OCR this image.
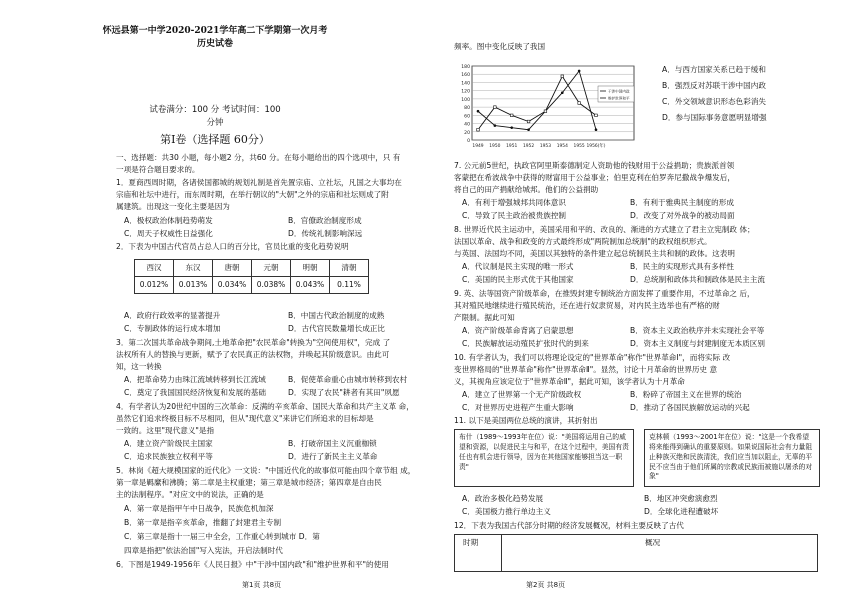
怀远县第一中学2020-2021学年高二下学期第一次月考
历史试卷
试卷满分：100 分 考试时间：100
分钟
第Ⅰ卷（选择题 60分）
一、选择题：共30 小题，每小题2 分，共60 分。在每小题给出的四个选项中，只 有
一项是符合题目要求的。
1．夏商西周时期，各诸侯国都城的规划礼制是首先置宗庙、立社坛，凡国之大事均在
宗庙和社坛中进行，而东周时期，在举行朝议的"大朝"之外的宗庙和社坛则成了附
属建筑。出现这一变化主要是因为
A．极权政治体制趋势萌发	B．官僚政治制度形成
C．周天子权威性日益强化	D．传统礼制影响深远
2．下表为中国古代官员占总人口的百分比，官员比重的变化趋势说明
西汉	东汉	唐朝	元朝	明朝	清朝
0.012%	0.013%	0.034%	0.038%	0.043%	0.11%
A．政府行政效率的显著提升	B．中国古代政治制度的成熟
C．专制政体的运行成本增加	D．古代官民数量增长成正比
3．第二次国共革命战争期间,土地革命把"农民革命"转换为"空间使用权"，完成 了
法权所有人的替换与更新，赋予了农民真正的法权物，并唤起其阶级意识。由此可
知，这一转换
A．把革命势力由珠江流域转移到长江流域	B．促使革命重心由城市转移到农村
C．奠定了我国国民经济恢复和发展的基础	D．实现了农民"耕者有其田"夙愿
4．有学者认为20世纪中国的三次革命：反满的辛亥革命、国民大革命和共产主义革 命，
虽然它们追求终极目标不尽相同，但从"现代意义"来讲它们所追求的目标却是
一致的。这里"现代意义"是指
A．建立资产阶级民主国家	B．打破帝国主义沉重枷锁
C．追求民族独立权利平等	D．进行了新民主主义革命
5．林岗《超大规模国家的近代化》一文说："中国近代化的故事似可能由四个章节组 成，
第一章是羁縻和沸腾；第二章是主权重建；第三章是城市经济；第四章是自由民
主的法制程序。"对应文中的说法，正确的是
A．第一章是指甲午中日战争，民族危机加深
B．第一章是指辛亥革命，推翻了封建君主专制
C．第三章是指十一届三中全会，工作重心转到城市 D．第
四章是指把"依法治国"写入宪法，开启法制时代
6．下图是1949-1956年《人民日报》中"干涉中国内政"和"维护世界和平"的使用
第1页 共8页
频率。图中变化反映了我国
0
20
40
60
80
100
120
140
160
180
1949 1950 1951 1952 1953 1954 1955 1956(年)
干涉中国内政
维护世界和平
A．与西方国家关系已趋于缓和
B．强烈反对苏联干涉中国内政
C．外交领域意识形态色彩消失
D．参与国际事务意愿明显增强
7. 公元前5世纪，执政官阿里斯泰德制定人资助他的钱财用于公益捐助；贵族派首领
客蒙把在希波战争中获得的财富用于公益事业；伯里克利在伯罗奔尼撒战争爆发后，
将自己的田产捐献给城邦。他们的公益捐助
A．有利于增强城邦共同体意识	B．有利于雅典民主制度的形成
C．导致了民主政治被贵族控制	D．改变了对外战争的被动局面
8. 世界近代民主运动中，美国采用和平的、改良的、渐进的方式建立了君主立宪制政 体；
法国以革命、战争和政变的方式最终形成"两院制加总统制"的政权组织形式。
与英国、法国均不同，美国以其独特的条件建立起总统制民主共和制的政体。这表明
A．代议制是民主实现的唯一形式	B．民主的实现形式具有多样性
C．美国的民主形式优于其他国家	D．总统制和政体共和制政体是民主主流
9. 英、法等国资产阶级革命，在推毁封建专制统治方面发挥了重要作用，不过革命之 后，
其对殖民地继续进行殖民统治，还在进行奴隶贸易，对内民主选举也有严格的财
产限制。据此可知
A．资产阶级革命背离了启蒙思想	B．资本主义政治秩序并未实现社会平等
C．民族解放运动殖民扩张时代的到来	D．资本主义制度与封建制度无本质区别
10. 有学者认为，我们可以将理论设定的"世界革命"称作"世界革命Ⅰ"，而将实际 改
变世界格局的"世界革命"称作"世界革命Ⅱ"。显然，讨论十月革命的世界历史 意
义，其视角应该定位于"世界革命Ⅱ"，据此可知，该学者认为十月革命
A．建立了世界第一个无产阶级政权	B．粉碎了帝国主义在世界的统治
C．对世界历史进程产生重大影响	D．推动了各国民族解放运动的兴起
11. 以下是美国两位总统的演讲，其折射出
布什（1989～1993年在位）说："美国将运用自己的威望和资源，以促进民主与和平，在这个过程中，美国有责任也有机会进行领导，因为在其他国家能够担当这一职责"
克林顿（1993～2001年在位）说："这是一个我希望将来能得到确认的重要原则。如果说国际社会有力量阻止种族灭绝和民族清洗，我们应当加以阻止，无辜的平民不应当由于他们所属的宗教或民族而被施以屠杀的对象"
A．政治多极化趋势发展	B．地区冲突愈演愈烈
C．美国极力推行单边主义	D．全球化进程遭破坏
12．下表为我国古代部分时期的经济发展概况，材料主要反映了古代
时期	概况
第2页 共8页
